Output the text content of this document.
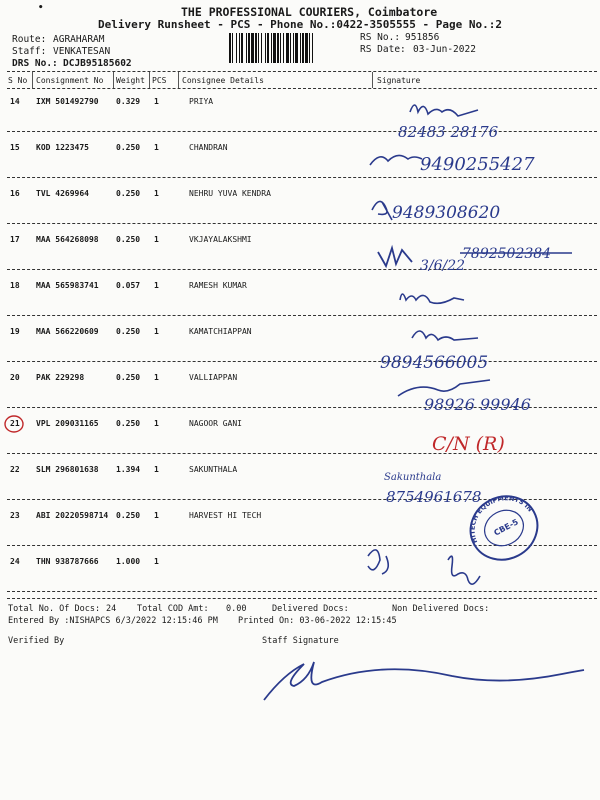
•	THE PROFESSIONAL COURIERS, Coimbatore
Delivery Runsheet - PCS - Phone No.:0422-3505555 - Page No.:2
Route: AGRAHARAM
Staff: VENKATESAN
DRS No.: DCJB95185602
RS No.: 951856
RS Date: 03-Jun-2022
S No Consignment No Weight PCS Consignee Details	Signature
14 IXM 501492790 0.329 1	PRIYA
15 KOD 1223475	0.250 1	CHANDRAN
16 TVL 4269964	0.250 1	NEHRU YUVA KENDRA
17 MAA 564268098 0.250 1	VKJAYALAKSHMI
18 MAA 565983741 0.057 1	RAMESH KUMAR
19 MAA 566220609 0.250 1	KAMATCHIAPPAN
20 PAK 229298	0.250 1	VALLIAPPAN
21 VPL 209031165 0.250 1	NAGOOR GANI
22 SLM 296801638 1.394 1	SAKUNTHALA
23 ABI 20220598714 0.250 1	HARVEST HI TECH
24 THN 938787666 1.000 1
82483 28176
9490255427
9489308620
3/6/22
7892502384
9894566005
98926 99946
C/N (R)
Sakunthala
8754961678
HITECH EQUIPMENTS INDIA
CBE-5
Total No. Of Docs: 24 Total COD Amt: 0.00	Delivered Docs:	Non Delivered Docs:
Entered By :NISHAPCS 6/3/2022 12:15:46 PM Printed On: 03-06-2022 12:15:45
Verified By	Staff Signature
